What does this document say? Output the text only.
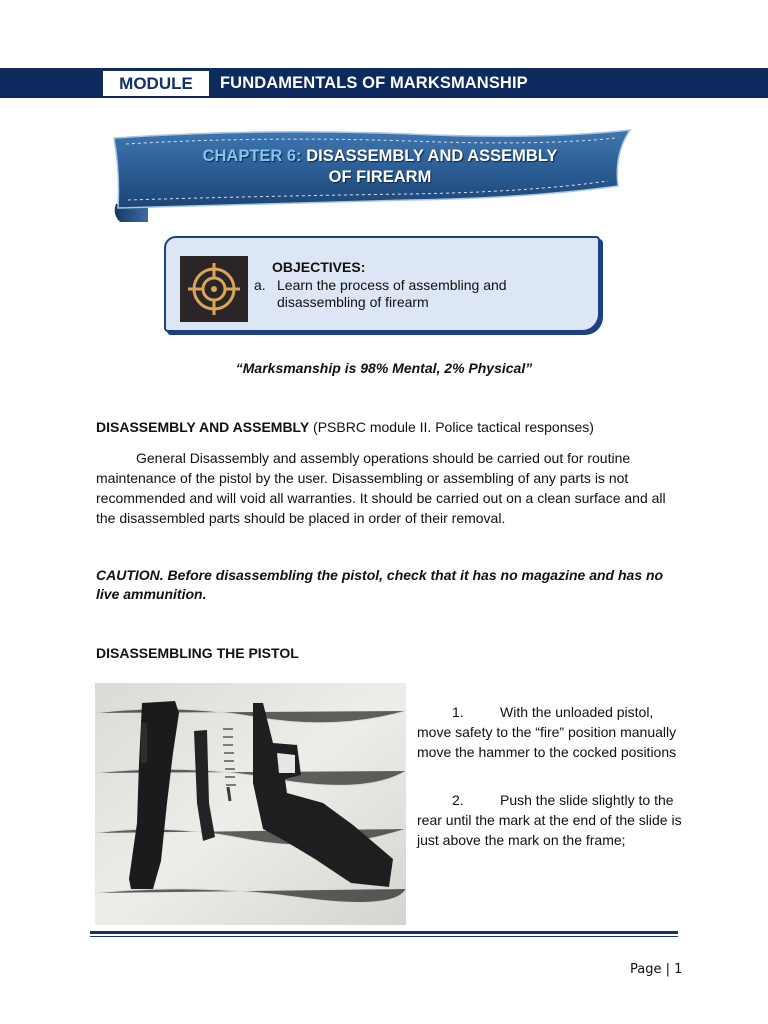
MODULE	FUNDAMENTALS OF MARKSMANSHIP
CHAPTER 6: DISASSEMBLY AND ASSEMBLY
OF FIREARM
OBJECTIVES:
a. Learn the process of assembling and disassembling of firearm
“Marksmanship is 98% Mental, 2% Physical”
DISASSEMBLY AND ASSEMBLY (PSBRC module II. Police tactical responses)
General Disassembly and assembly operations should be carried out for routine maintenance of the pistol by the user. Disassembling or assembling of any parts is not recommended and will void all warranties. It should be carried out on a clean surface and all the disassembled parts should be placed in order of their removal.
CAUTION. Before disassembling the pistol, check that it has no magazine and has no live ammunition.
DISASSEMBLING THE PISTOL
1.	With the unloaded pistol, move safety to the “fire” position manually move the hammer to the cocked positions
2.	Push the slide slightly to the rear until the mark at the end of the slide is just above the mark on the frame;
Page | 1
